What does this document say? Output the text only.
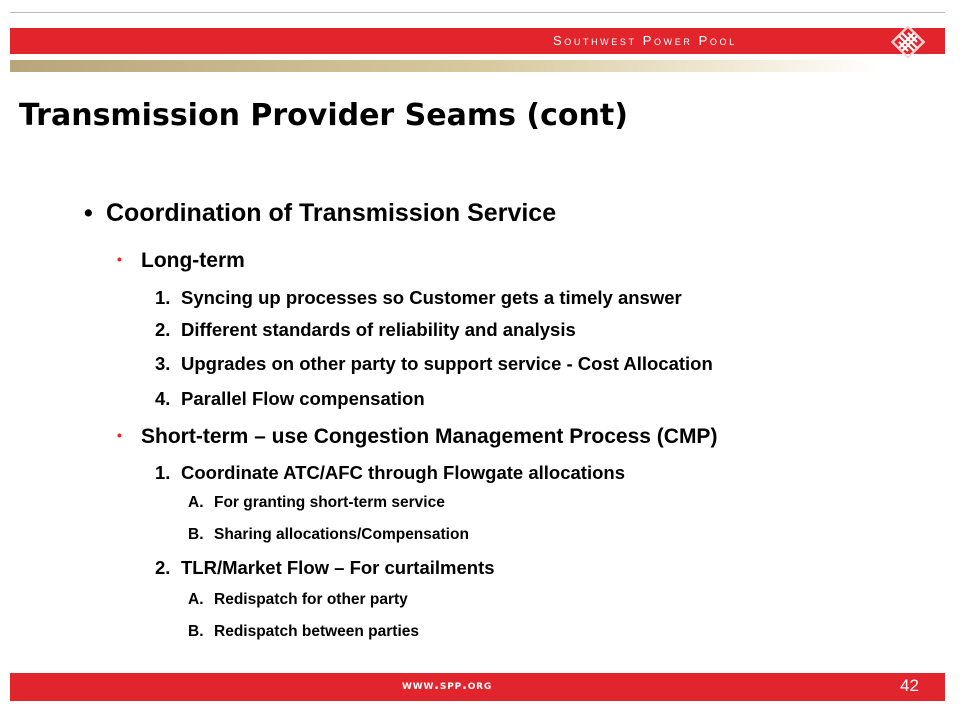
Southwest Power Pool
Transmission Provider Seams (cont)
• Coordination of Transmission Service
• Long-term
1. Syncing up processes so Customer gets a timely answer
2. Different standards of reliability and analysis
3. Upgrades on other party to support service - Cost Allocation
4. Parallel Flow compensation
• Short-term – use Congestion Management Process (CMP)
1. Coordinate ATC/AFC through Flowgate allocations
A. For granting short-term service
B. Sharing allocations/Compensation
2. TLR/Market Flow – For curtailments
A. Redispatch for other party
B. Redispatch between parties
www.spp.org	42
